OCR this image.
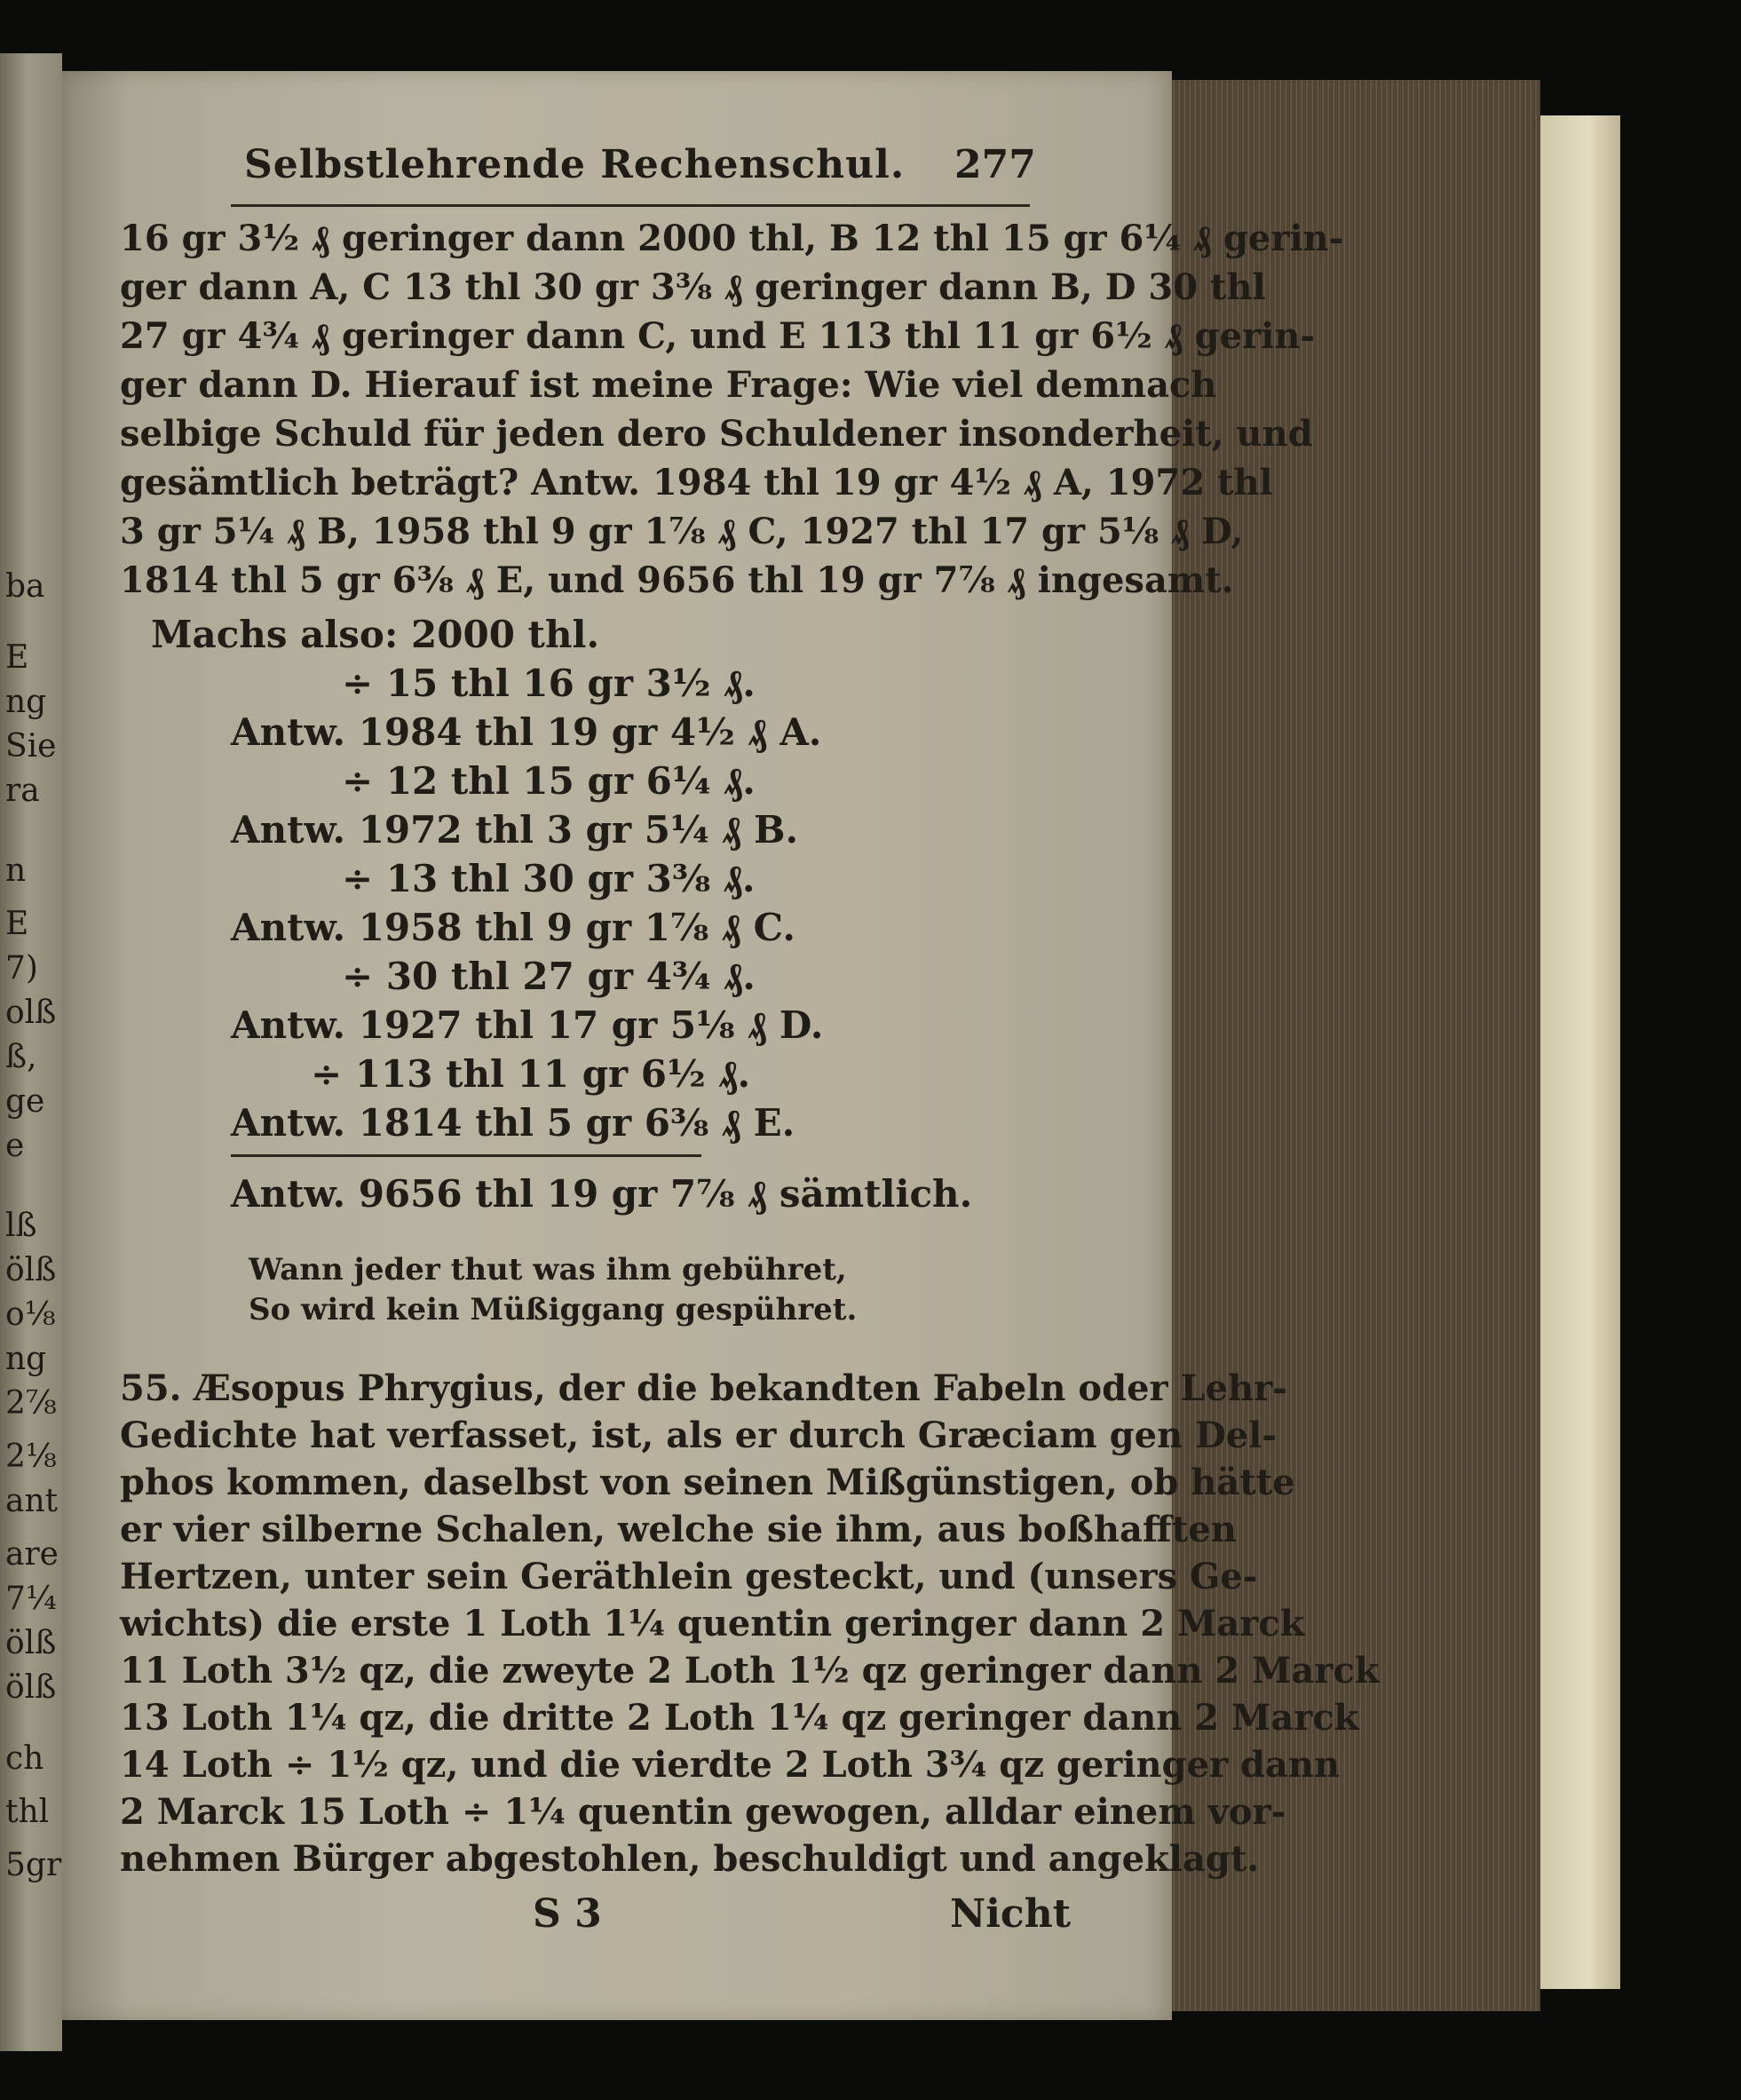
ba
E
ng
Sie
ra
n
E
7)
olß
ß,
ge
e
lß
ölß
o⅛
ng
2⅞
2⅛
ant
are
7¼
ölß
ölß
ch
thl
5gr
Selbstlehrende Rechenschul. 277
16 gr 3½ ₰ geringer dann 2000 thl, B 12 thl 15 gr 6¼ ₰ gerin-
ger dann A, C 13 thl 30 gr 3⅜ ₰ geringer dann B, D 30 thl
27 gr 4¾ ₰ geringer dann C, und E 113 thl 11 gr 6½ ₰ gerin-
ger dann D. Hierauf ist meine Frage: Wie viel demnach
selbige Schuld für jeden dero Schuldener insonderheit, und
gesämtlich beträgt? Antw. 1984 thl 19 gr 4½ ₰ A, 1972 thl
3 gr 5¼ ₰ B, 1958 thl 9 gr 1⅞ ₰ C, 1927 thl 17 gr 5⅛ ₰ D,
1814 thl 5 gr 6⅜ ₰ E, und 9656 thl 19 gr 7⅞ ₰ ingesamt.
Machs also: 2000 thl.
÷ 15 thl 16 gr 3½ ₰.
Antw. 1984 thl 19 gr 4½ ₰ A.
÷ 12 thl 15 gr 6¼ ₰.
Antw. 1972 thl 3 gr 5¼ ₰ B.
÷ 13 thl 30 gr 3⅜ ₰.
Antw. 1958 thl 9 gr 1⅞ ₰ C.
÷ 30 thl 27 gr 4¾ ₰.
Antw. 1927 thl 17 gr 5⅛ ₰ D.
÷ 113 thl 11 gr 6½ ₰.
Antw. 1814 thl 5 gr 6⅜ ₰ E.
Antw. 9656 thl 19 gr 7⅞ ₰ sämtlich.
Wann jeder thut was ihm gebühret,
So wird kein Müßiggang gespühret.
55. Æsopus Phrygius, der die bekandten Fabeln oder Lehr-
Gedichte hat verfasset, ist, als er durch Græciam gen Del-
phos kommen, daselbst von seinen Mißgünstigen, ob hätte
er vier silberne Schalen, welche sie ihm, aus boßhafften
Hertzen, unter sein Geräthlein gesteckt, und (unsers Ge-
wichts) die erste 1 Loth 1¼ quentin geringer dann 2 Marck
11 Loth 3½ qz, die zweyte 2 Loth 1½ qz geringer dann 2 Marck
13 Loth 1¼ qz, die dritte 2 Loth 1¼ qz geringer dann 2 Marck
14 Loth ÷ 1½ qz, und die vierdte 2 Loth 3¾ qz geringer dann
2 Marck 15 Loth ÷ 1¼ quentin gewogen, alldar einem vor-
nehmen Bürger abgestohlen, beschuldigt und angeklagt.
S 3	Nicht
